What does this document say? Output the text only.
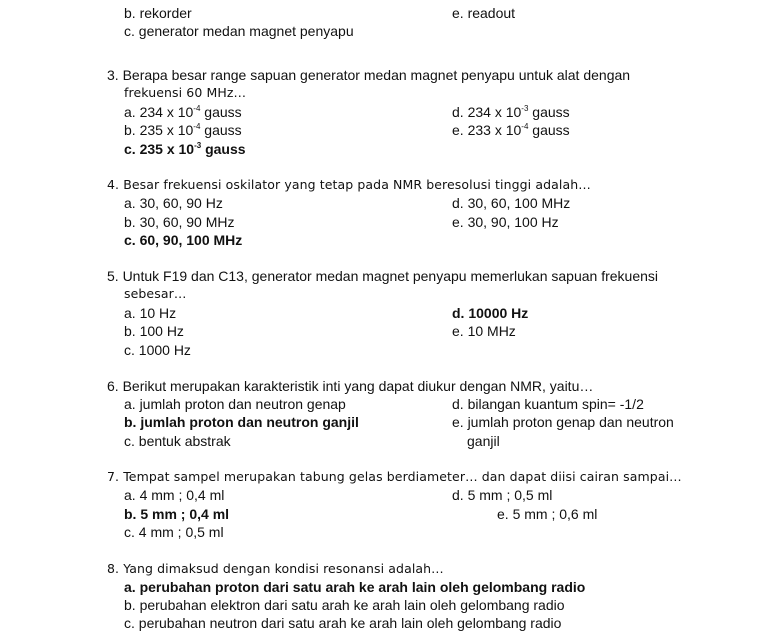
b. rekorder	e. readout
c. generator medan magnet penyapu
3. Berapa besar range sapuan generator medan magnet penyapu untuk alat dengan
frekuensi 60 MHz…
a. 234 x $10^{-4}$ gauss	d. 234 x $10^{-3}$ gauss
b. 235 x $10^{-4}$ gauss	e. 233 x $10^{-4}$ gauss
c. 235 x $10^{-3}$ gauss
4. Besar frekuensi oskilator yang tetap pada NMR beresolusi tinggi adalah…
a. 30, 60, 90 Hz	d. 30, 60, 100 MHz
b. 30, 60, 90 MHz	e. 30, 90, 100 Hz
c. 60, 90, 100 MHz
5. Untuk F19 dan C13, generator medan magnet penyapu memerlukan sapuan frekuensi
sebesar…
a. 10 Hz	d. 10000 Hz
b. 100 Hz	e. 10 MHz
c. 1000 Hz
6. Berikut merupakan karakteristik inti yang dapat diukur dengan NMR, yaitu…
a. jumlah proton dan neutron genap	d. bilangan kuantum spin= -1/2
b. jumlah proton dan neutron ganjil	e. jumlah proton genap dan neutron
c. bentuk abstrak	ganjil
7. Tempat sampel merupakan tabung gelas berdiameter… dan dapat diisi cairan sampai…
a. 4 mm ; 0,4 ml	d. 5 mm ; 0,5 ml
b. 5 mm ; 0,4 ml	e. 5 mm ; 0,6 ml
c. 4 mm ; 0,5 ml
8. Yang dimaksud dengan kondisi resonansi adalah…
a. perubahan proton dari satu arah ke arah lain oleh gelombang radio
b. perubahan elektron dari satu arah ke arah lain oleh gelombang radio
c. perubahan neutron dari satu arah ke arah lain oleh gelombang radio
